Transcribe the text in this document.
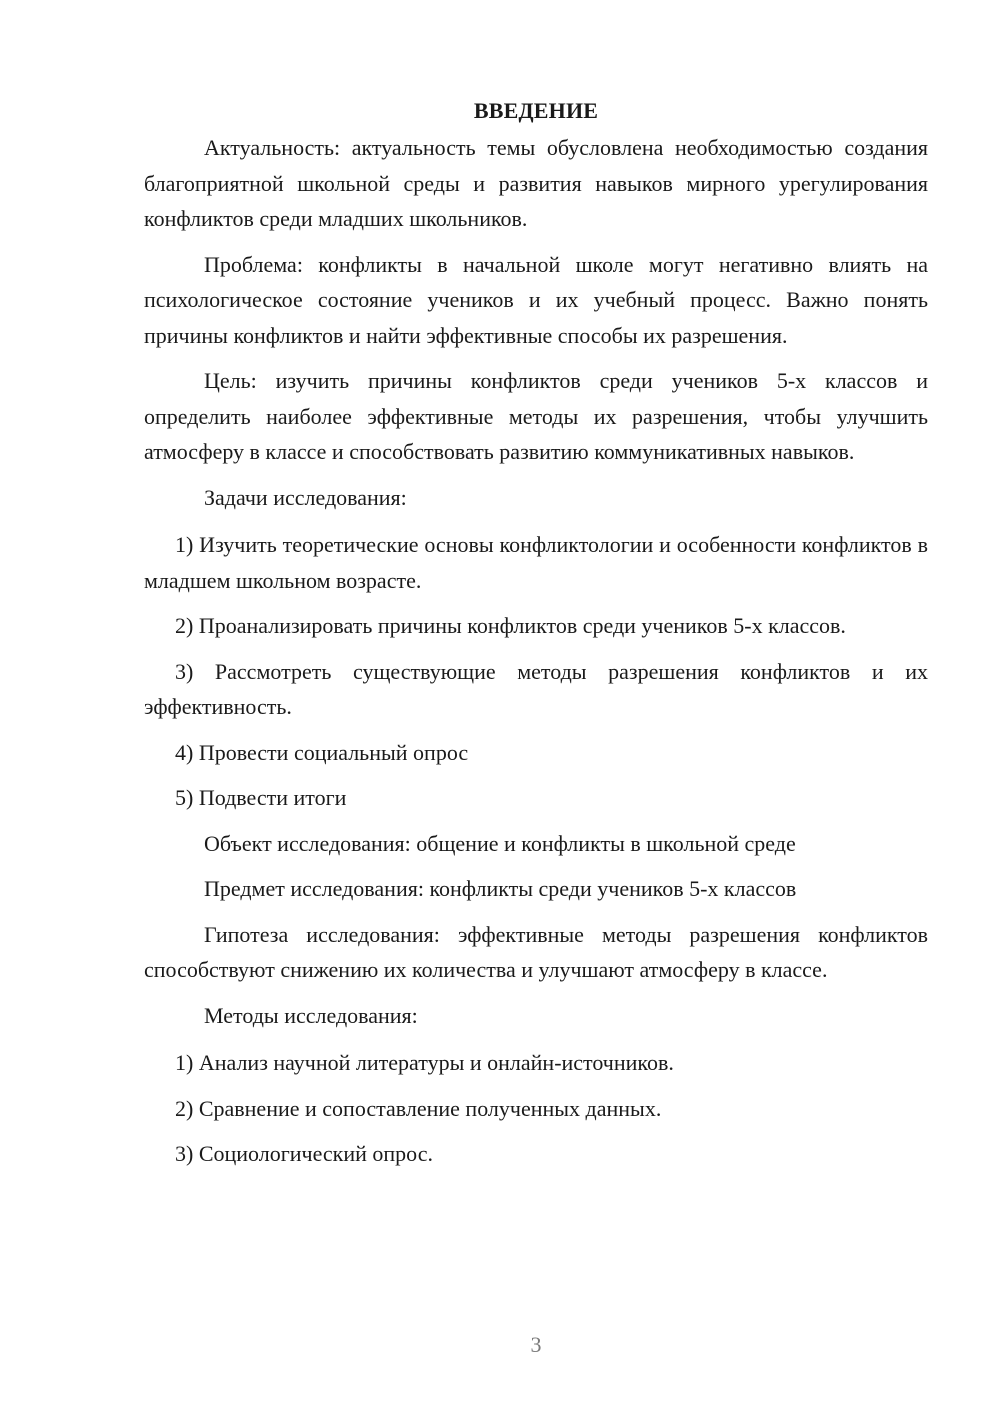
ВВЕДЕНИЕ

Актуальность: актуальность темы обусловлена необходимостью создания благоприятной школьной среды и развития навыков мирного урегулирования конфликтов среди младших школьников.

Проблема: конфликты в начальной школе могут негативно влиять на психологическое состояние учеников и их учебный процесс. Важно понять причины конфликтов и найти эффективные способы их разрешения.

Цель: изучить причины конфликтов среди учеников 5-х классов и определить наиболее эффективные методы их разрешения, чтобы улучшить атмосферу в классе и способствовать развитию коммуникативных навыков.

Задачи исследования:

1) Изучить теоретические основы конфликтологии и особенности конфликтов в младшем школьном возрасте.

2) Проанализировать причины конфликтов среди учеников 5-х классов.

3) Рассмотреть существующие методы разрешения конфликтов и их эффективность.

4) Провести социальный опрос

5) Подвести итоги

Объект исследования: общение и конфликты в школьной среде

Предмет исследования: конфликты среди учеников 5-х классов

Гипотеза исследования: эффективные методы разрешения конфликтов способствуют снижению их количества и улучшают атмосферу в классе.

Методы исследования:

1) Анализ научной литературы и онлайн-источников.

2) Сравнение и сопоставление полученных данных.

3) Социологический опрос.

3
